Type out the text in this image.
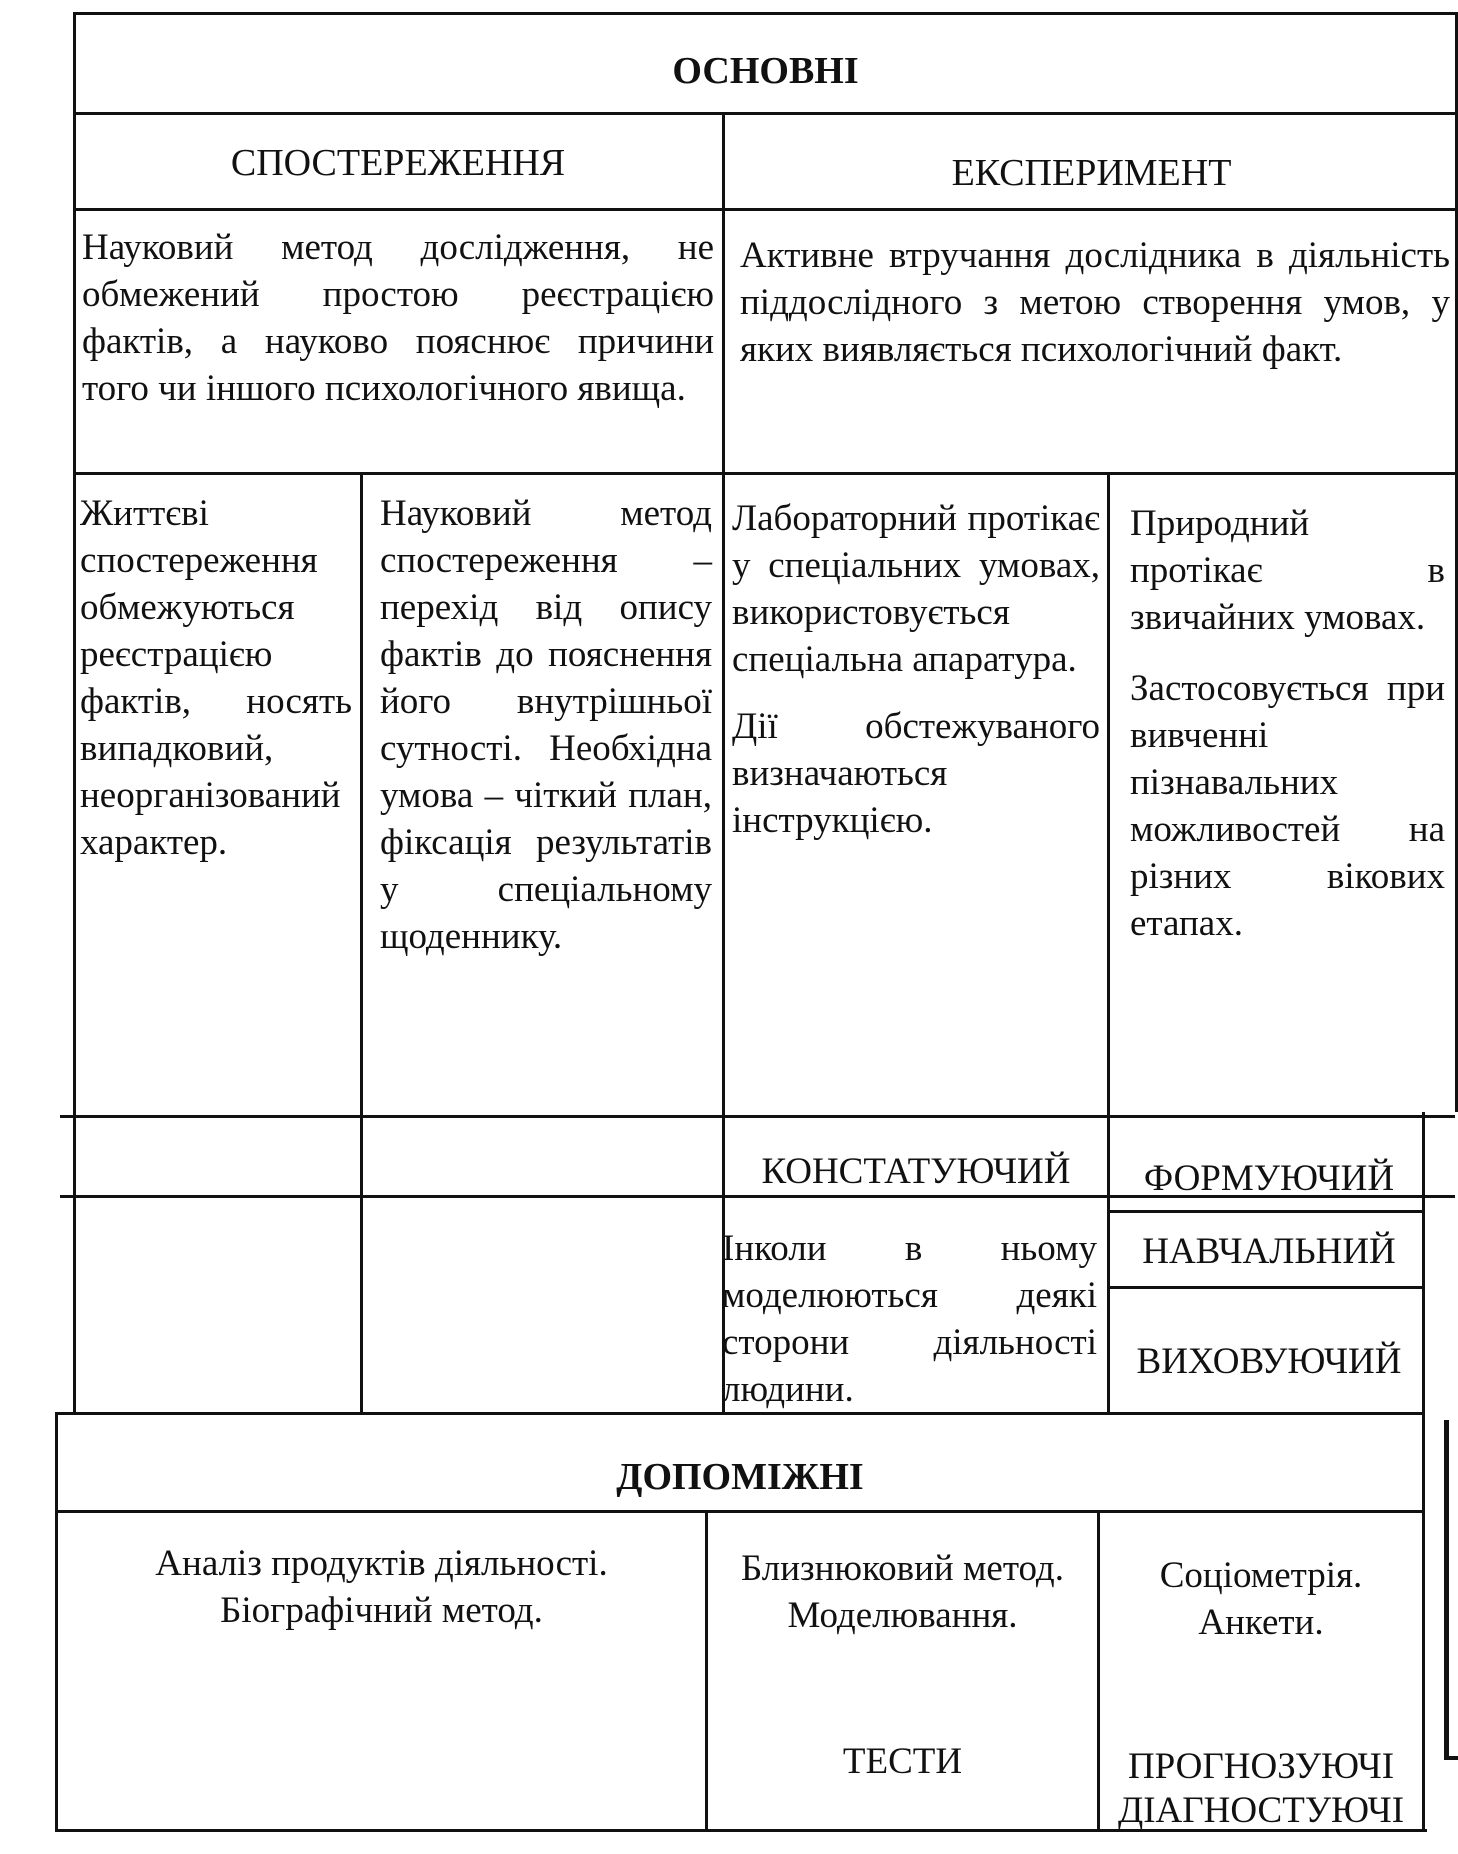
ОСНОВНІ
СПОСТЕРЕЖЕННЯ	ЕКСПЕРИМЕНТ
Науковий метод дослідження, не обмежений простою реєстрацією фактів, а науково пояснює причини того чи іншого психологічного явища.
Активне втручання дослідника в діяльність піддослідного з метою створення умов, у яких виявляється психологічний факт.
Життєві спостереження обмежуються реєстрацією фактів, носять випадковий, неорганізований характер.
Науковий метод спостереження – перехід від опису фактів до пояснення його внутрішньої сутності. Необхідна умова – чіткий план, фіксація результатів у спеціальному щоденнику.
Лабораторний протікає у спеціальних умовах, використовується спеціальна апаратура.
Дії обстежуваного визначаються інструкцією.
Природний протікає в звичайних умовах.
Застосовується при вивченні пізнавальних можливостей на різних вікових етапах.
КОНСТАТУЮЧИЙ	ФОРМУЮЧИЙ
Інколи в ньому моделюються деякі сторони діяльності людини.
НАВЧАЛЬНИЙ
ВИХОВУЮЧИЙ
ДОПОМІЖНІ
Аналіз продуктів діяльності.
Біографічний метод.
Близнюковий метод.
Моделювання.
ТЕСТИ
Соціометрія.
Анкети.
ПРОГНОЗУЮЧІ
ДІАГНОСТУЮЧІ
